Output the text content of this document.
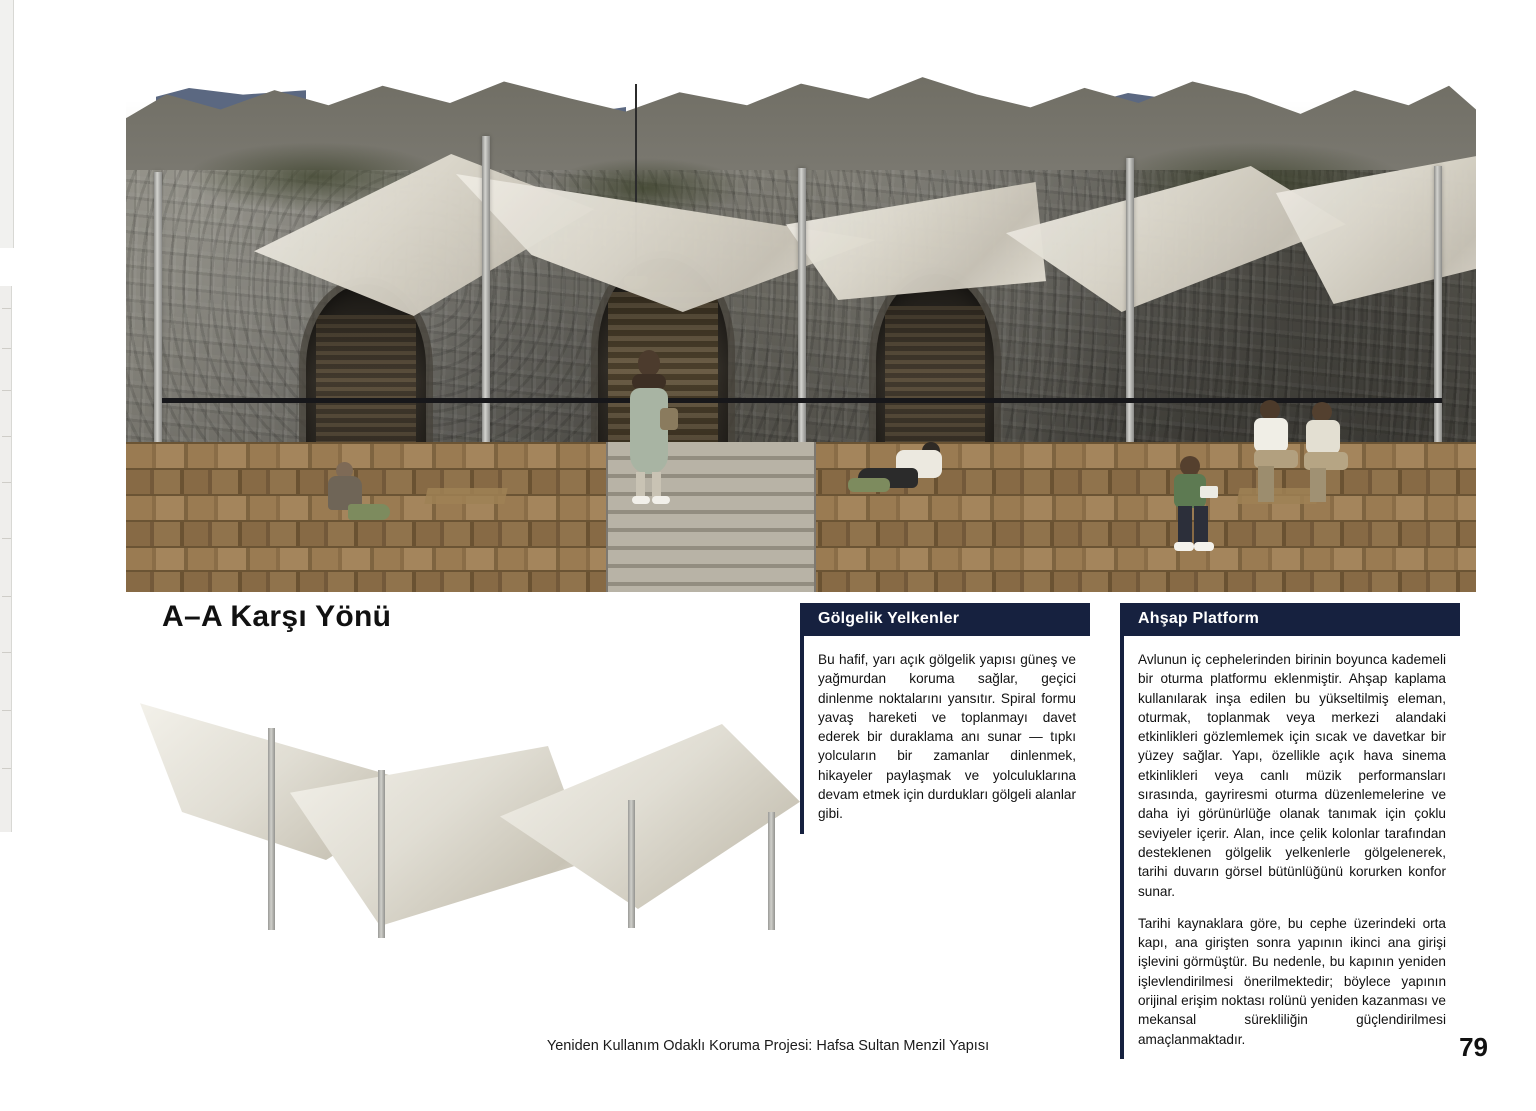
A–A Karşı Yönü	Gölgelik Yelkenler

Bu hafif, yarı açık gölgelik yapısı güneş ve yağmurdan koruma sağlar, geçici dinlenme noktalarını yansıtır. Spiral formu yavaş hareketi ve toplanmayı davet ederek bir duraklama anı sunar — tıpkı yolcuların bir zamanlar dinlenmek, hikayeler paylaşmak ve yolculuklarına devam etmek için durdukları gölgeli alanlar gibi.

Ahşap Platform

Avlunun iç cephelerinden birinin boyunca kademeli bir oturma platformu eklenmiştir. Ahşap kaplama kullanılarak inşa edilen bu yükseltilmiş eleman, oturmak, toplanmak veya merkezi alandaki etkinlikleri gözlemlemek için sıcak ve davetkar bir yüzey sağlar. Yapı, özellikle açık hava sinema etkinlikleri veya canlı müzik performansları sırasında, gayriresmi oturma düzenlemelerine ve daha iyi görünürlüğe olanak tanımak için çoklu seviyeler içerir. Alan, ince çelik kolonlar tarafından desteklenen gölgelik yelkenlerle gölgelenerek, tarihi duvarın görsel bütünlüğünü korurken konfor sunar.

Tarihi kaynaklara göre, bu cephe üzerindeki orta kapı, ana girişten sonra yapının ikinci ana girişi işlevini görmüştür. Bu nedenle, bu kapının yeniden işlevlendirilmesi önerilmektedir; böylece yapının orijinal erişim noktası rolünü yeniden kazanması ve mekansal sürekliliğin güçlendirilmesi amaçlanmaktadır.

Yeniden Kullanım Odaklı Koruma Projesi: Hafsa Sultan Menzil Yapısı	79
